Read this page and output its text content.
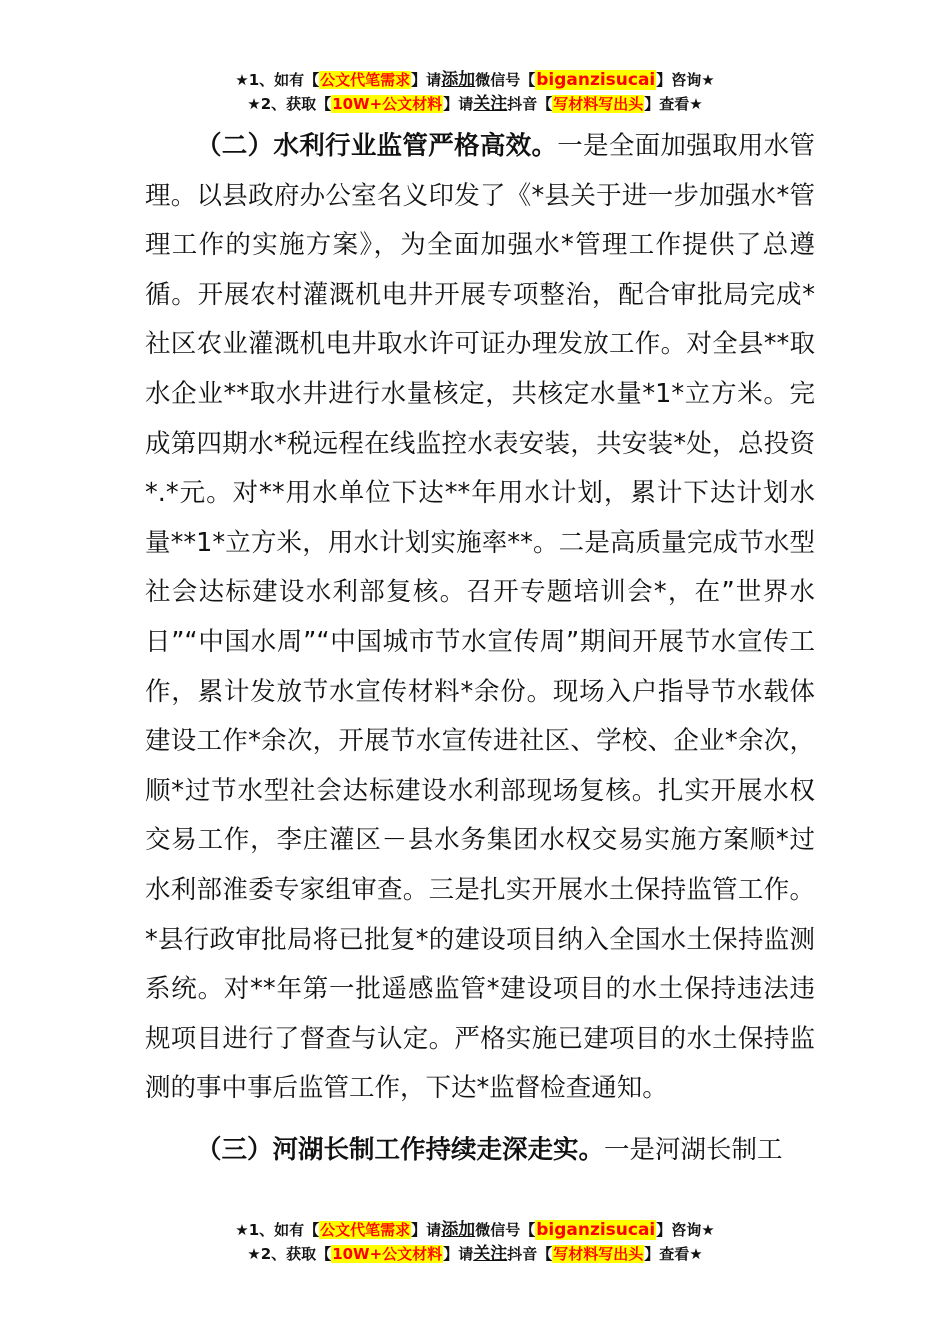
★1、如有【公文代笔需求】请添加微信号【biganzisucai】咨询★
★2、获取【10W+公文材料】请关注抖音【写材料写出头】查看★

（二）水利行业监管严格高效。一是全面加强取用水管理。以县政府办公室名义印发了《*县关于进一步加强水*管理工作的实施方案》，为全面加强水*管理工作提供了总遵循。开展农村灌溉机电井开展专项整治，配合审批局完成*社区农业灌溉机电井取水许可证办理发放工作。对全县**取水企业**取水井进行水量核定，共核定水量*1*立方米。完成第四期水*税远程在线监控水表安装，共安装*处，总投资*.*元。对**用水单位下达**年用水计划，累计下达计划水量**1*立方米，用水计划实施率**。二是高质量完成节水型社会达标建设水利部复核。召开专题培训会*，在”世界水日”“中国水周”“中国城市节水宣传周”期间开展节水宣传工作，累计发放节水宣传材料*余份。现场入户指导节水载体建设工作*余次，开展节水宣传进社区、学校、企业*余次，顺*过节水型社会达标建设水利部现场复核。扎实开展水权交易工作，李庄灌区－县水务集团水权交易实施方案顺*过水利部淮委专家组审查。三是扎实开展水土保持监管工作。*县行政审批局将已批复*的建设项目纳入全国水土保持监测系统。对**年第一批遥感监管*建设项目的水土保持违法违规项目进行了督查与认定。严格实施已建项目的水土保持监测的事中事后监管工作，下达*监督检查通知。

（三）河湖长制工作持续走深走实。一是河湖长制工

★1、如有【公文代笔需求】请添加微信号【biganzisucai】咨询★
★2、获取【10W+公文材料】请关注抖音【写材料写出头】查看★
